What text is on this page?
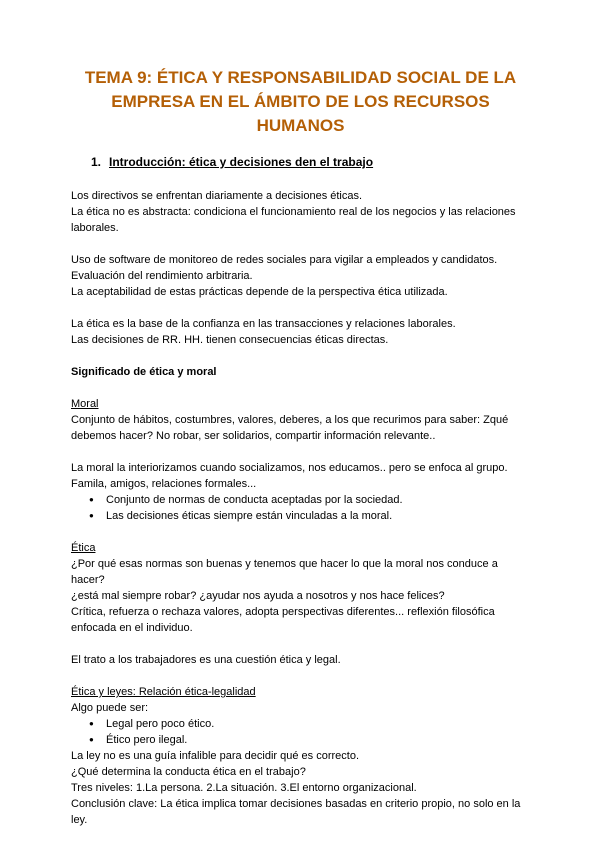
TEMA 9: ÉTICA Y RESPONSABILIDAD SOCIAL DE LA EMPRESA EN EL ÁMBITO DE LOS RECURSOS HUMANOS
1. Introducción: ética y decisiones den el trabajo

Los directivos se enfrentan diariamente a decisiones éticas.

La ética no es abstracta: condiciona el funcionamiento real de los negocios y las relaciones laborales.

Uso de software de monitoreo de redes sociales para vigilar a empleados y candidatos.

Evaluación del rendimiento arbitraria.

La aceptabilidad de estas prácticas depende de la perspectiva ética utilizada.

La ética es la base de la confianza en las transacciones y relaciones laborales.

Las decisiones de RR. HH. tienen consecuencias éticas directas.

Significado de ética y moral

Moral

Conjunto de hábitos, costumbres, valores, deberes, a los que recurimos para saber: Zqué debemos hacer? No robar, ser solidarios, compartir información relevante..

La moral la interiorizamos cuando socializamos, nos educamos.. pero se enfoca al grupo. Famila, amigos, relaciones formales...

● Conjunto de normas de conducta aceptadas por la sociedad.
● Las decisiones éticas siempre están vinculadas a la moral.

Ética

¿Por qué esas normas son buenas y tenemos que hacer lo que la moral nos conduce a hacer?

¿está mal siempre robar? ¿ayudar nos ayuda a nosotros y nos hace felices?

Crítica, refuerza o rechaza valores, adopta perspectivas diferentes... reflexión filosófica enfocada en el individuo.

El trato a los trabajadores es una cuestión ética y legal.

Ética y leyes: Relación ética-legalidad

Algo puede ser:

● Legal pero poco ético.
● Ético pero ilegal.

La ley no es una guía infalible para decidir qué es correcto.

¿Qué determina la conducta ética en el trabajo?

Tres niveles: 1.La persona. 2.La situación. 3.El entorno organizacional.

Conclusión clave: La ética implica tomar decisiones basadas en criterio propio, no solo en la ley.
